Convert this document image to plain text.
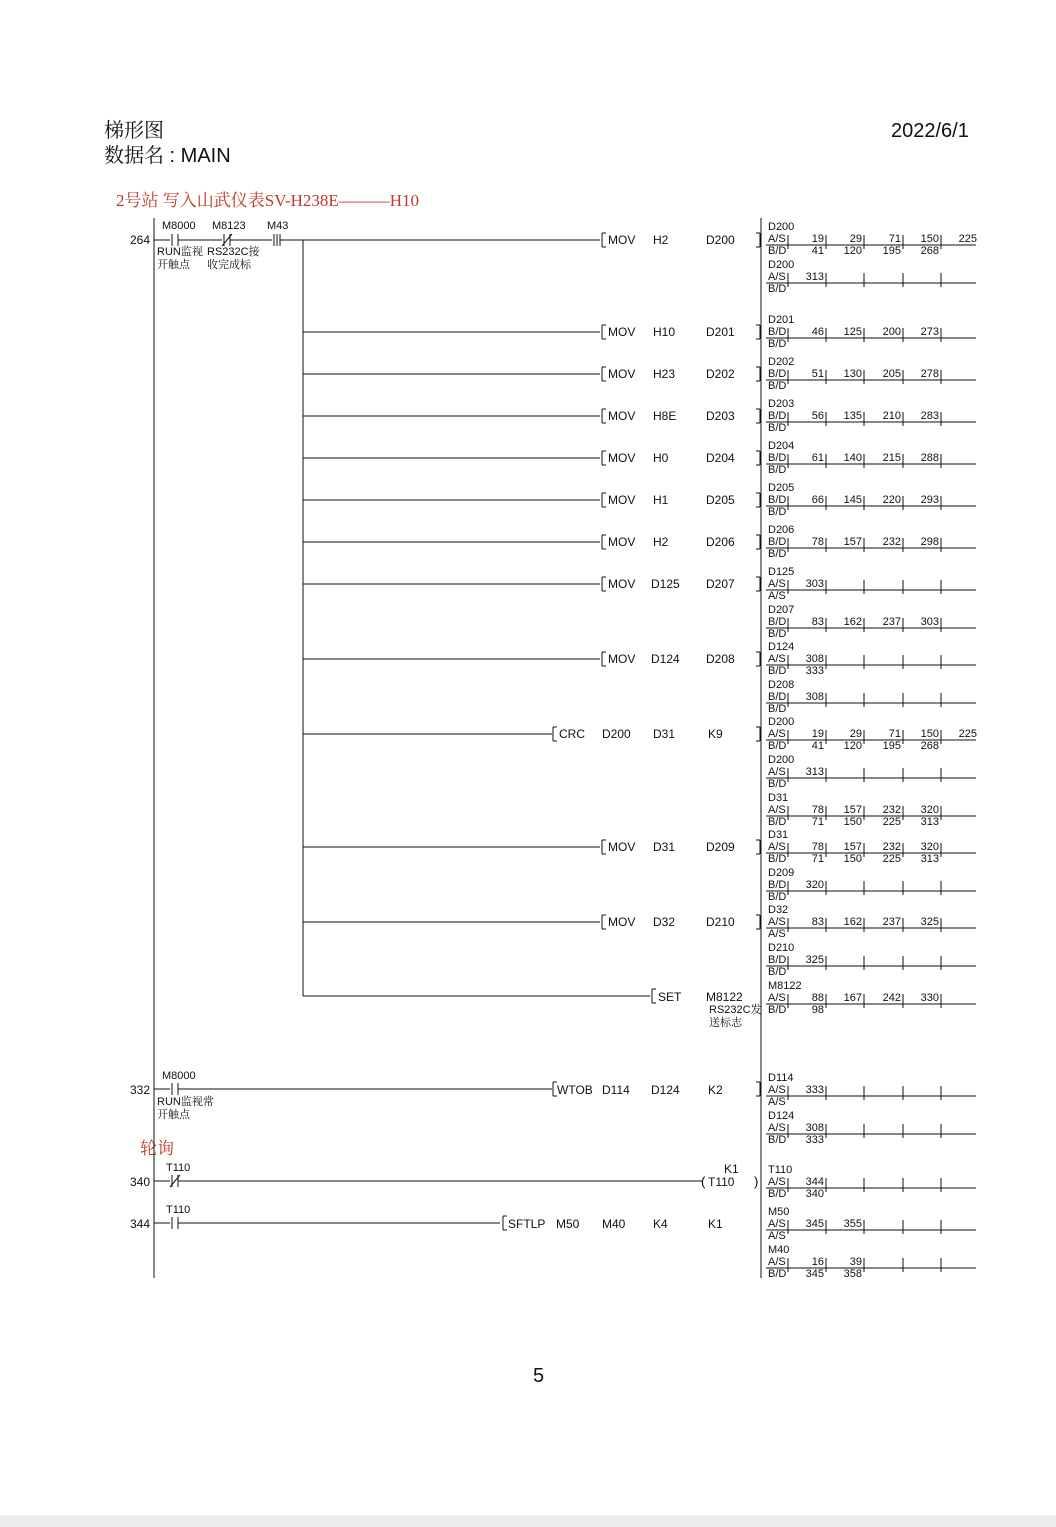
梯形图
数据名 : MAIN
2022/6/1
2号站 写入山武仪表SV-H238E———H10
轮询
(	)
264
332
340
344
M8000 M8123 M43
RUN监视
开触点
RS232C接
收完成标
M8000
RUN监视常
开触点
T110
T110
MOV H2	D200
MOV H10	D201
MOV H23	D202
MOV H8E D203
MOV H0	D204
MOV H1	D205
MOV H2	D206
MOV D125 D207
MOV D124 D208
CRC D200 D31	K9
MOV D31	D209
MOV D32	D210
SET M8122
RS232C发
送标志
WTOB D114 D124 K2
T110
K1
SFTLP M50 M40 K4	K1
D200
A/S	19	29	71	150	225
B/D	41	120	195	268
D200
A/S	313
B/D
D201
B/D	46	125	200	273
B/D
D202
B/D	51	130	205	278
B/D
D203
B/D	56	135	210	283
B/D
D204
B/D	61	140	215	288
B/D
D205
B/D	66	145	220	293
B/D
D206
B/D	78	157	232	298
B/D
D125
A/S	303
A/S
D207
B/D	83	162	237	303
B/D
D124
A/S	308
B/D	333
D208
B/D	308
B/D
D200
A/S	19	29	71	150	225
B/D	41	120	195	268
D200
A/S	313
B/D
D31
A/S	78	157	232	320
B/D	71	150	225	313
D31
A/S	78	157	232	320
B/D	71	150	225	313
D209
B/D	320
B/D
D32
A/S	83	162	237	325
A/S
D210
B/D	325
B/D
M8122
A/S	88	167	242	330
B/D	98
D114
A/S	333
A/S
D124
A/S	308
B/D	333
T110
A/S	344
B/D	340
M50
A/S	345	355
A/S
M40
A/S	16	39
B/D	345	358
5
